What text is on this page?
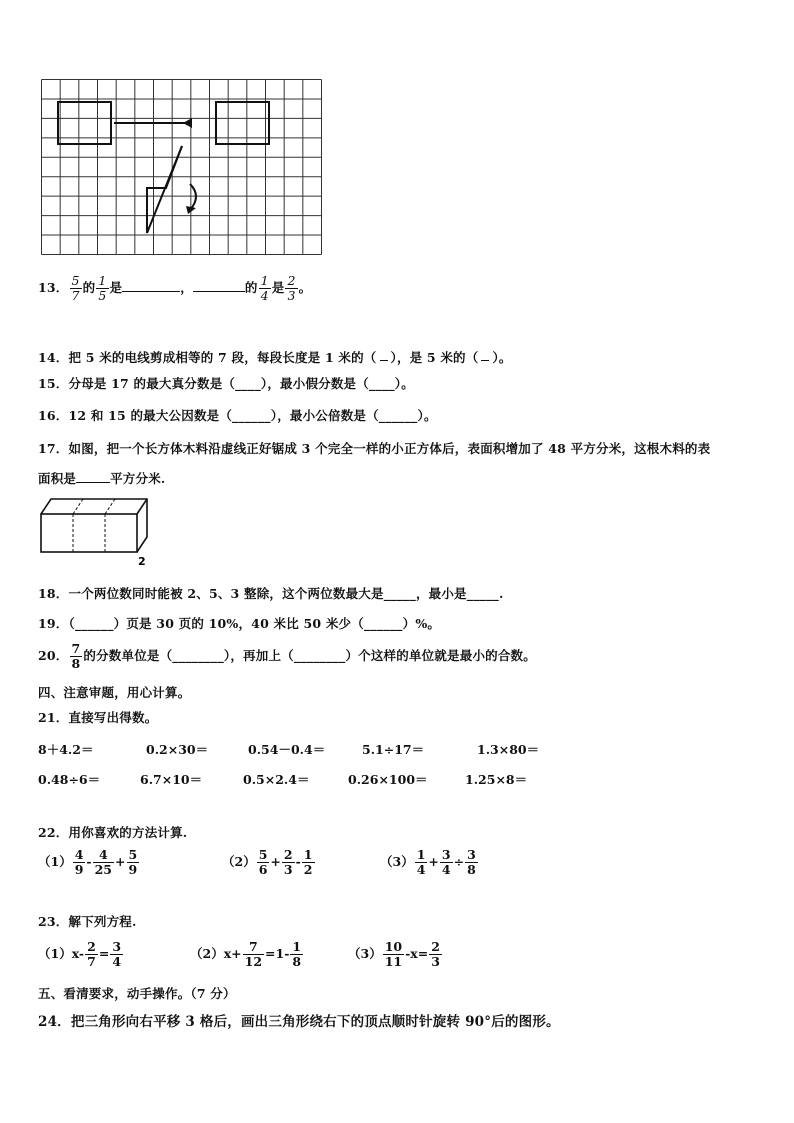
13． $\frac{5}{7}$ 的 $\frac{1}{5}$ 是	，	的 $\frac{1}{4}$ 是 $\frac{2}{3}$ 。
14．把 5 米的电线剪成相等的 7 段，每段长度是 1 米的（ ），是 5 米的（ ）。
15．分母是 17 的最大真分数是（____），最小假分数是（____）。
16．12 和 15 的最大公因数是（______），最小公倍数是（______）。
17．如图，把一个长方体木料沿虚线正好锯成 3 个完全一样的小正方体后，表面积增加了 48 平方分米，这根木料的表
面积是	平方分米.
2
18．一个两位数同时能被 2、5、3 整除，这个两位数最大是_____，最小是_____.
19．（______）页是 30 页的 10%，40 米比 50 米少（______）%。
20． $\frac{7}{8}$ 的分数单位是（________），再加上（________）个这样的单位就是最小的合数。
四、注意审题，用心计算。
21．直接写出得数。
8＋4.2＝	0.2×30＝	0.54－0.4＝	5.1÷17＝	1.3×80＝
0.48÷6＝	6.7×10＝	0.5×2.4＝	0.26×100＝	1.25×8＝
22．用你喜欢的方法计算.
$(1) \frac{4}{9} - \frac{4}{25} + \frac{5}{9}$	$(2) \frac{5}{6} + \frac{2}{3} - \frac{1}{2}$	$(3) \frac{1}{4} + \frac{3}{4} \div \frac{3}{8}$
23．解下列方程.
$(1)x- \frac{2}{7} = \frac{3}{4}$	$(2)x+ \frac{7}{12} =1- \frac{1}{8}$	$(3) \frac{10}{11} -x= \frac{2}{3}$
五、看清要求，动手操作。（7 分）
24．把三角形向右平移 3 格后，画出三角形绕右下的顶点顺时针旋转 90°后的图形。
